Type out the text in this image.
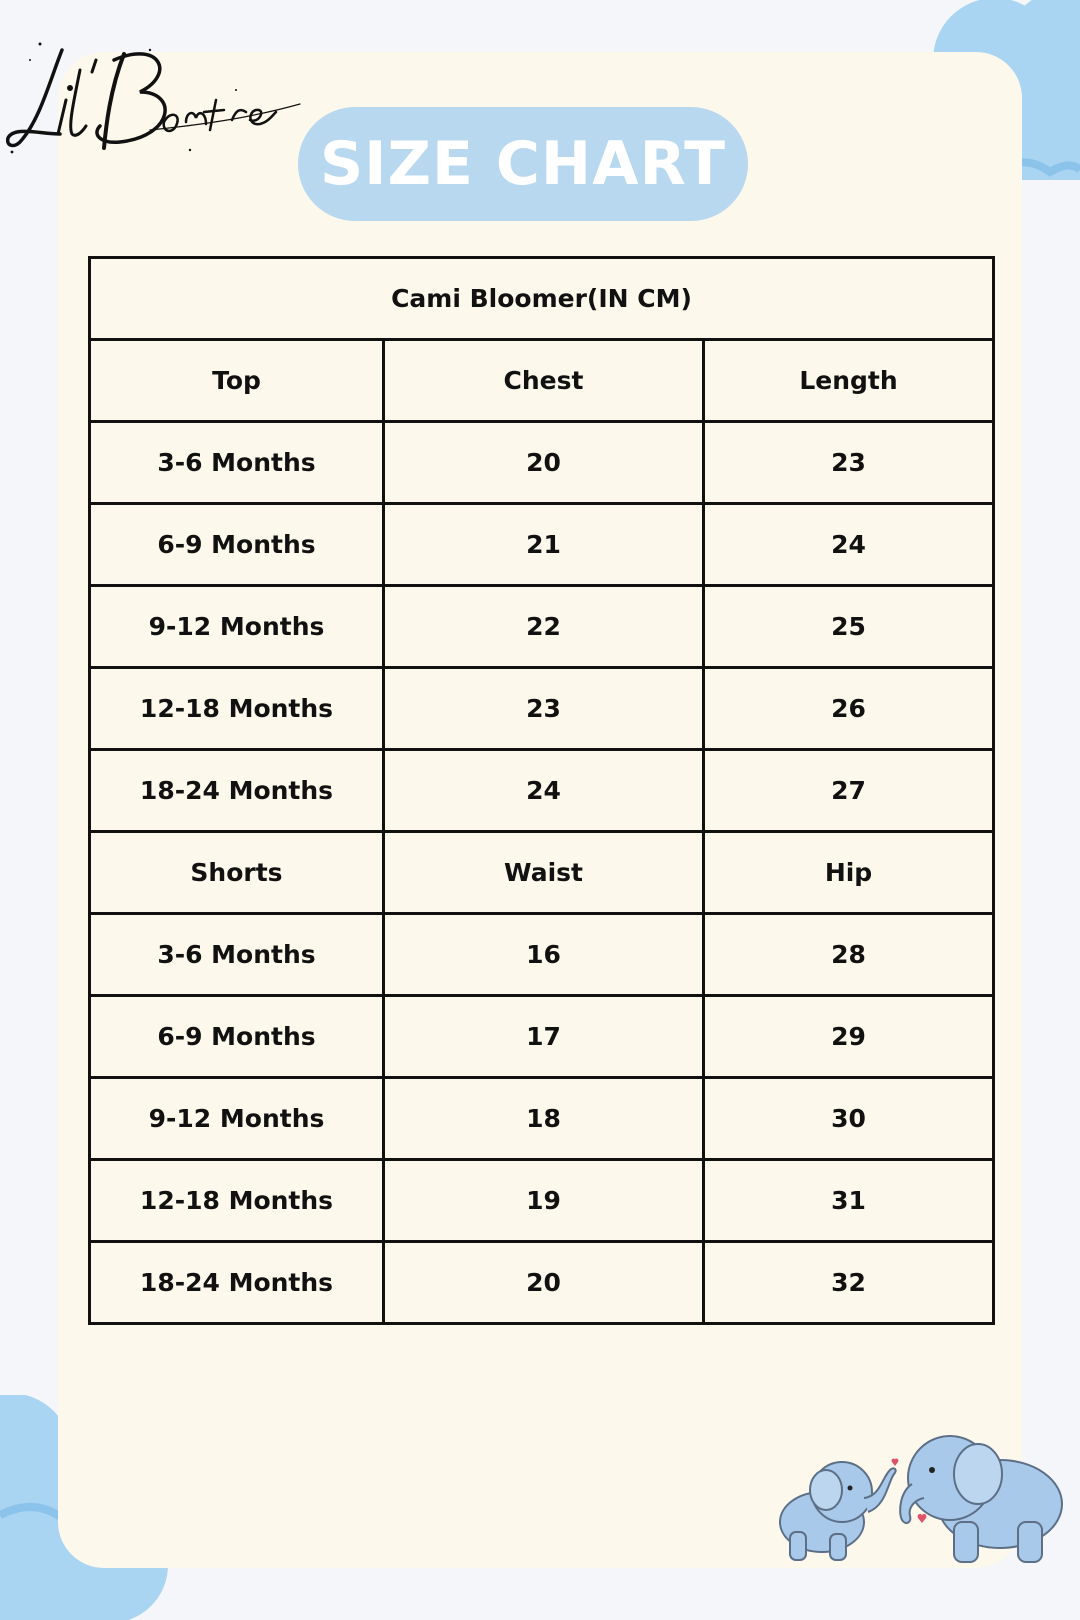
SIZE CHART
Cami Bloomer(IN CM)		
Top	Chest	Length
3-6 Months	20	23
6-9 Months	21	24
9-12 Months	22	25
12-18 Months	23	26
18-24 Months	24	27
Shorts	Waist	Hip
3-6 Months	16	28
6-9 Months	17	29
9-12 Months	18	30
12-18 Months	19	31
18-24 Months	20	32
